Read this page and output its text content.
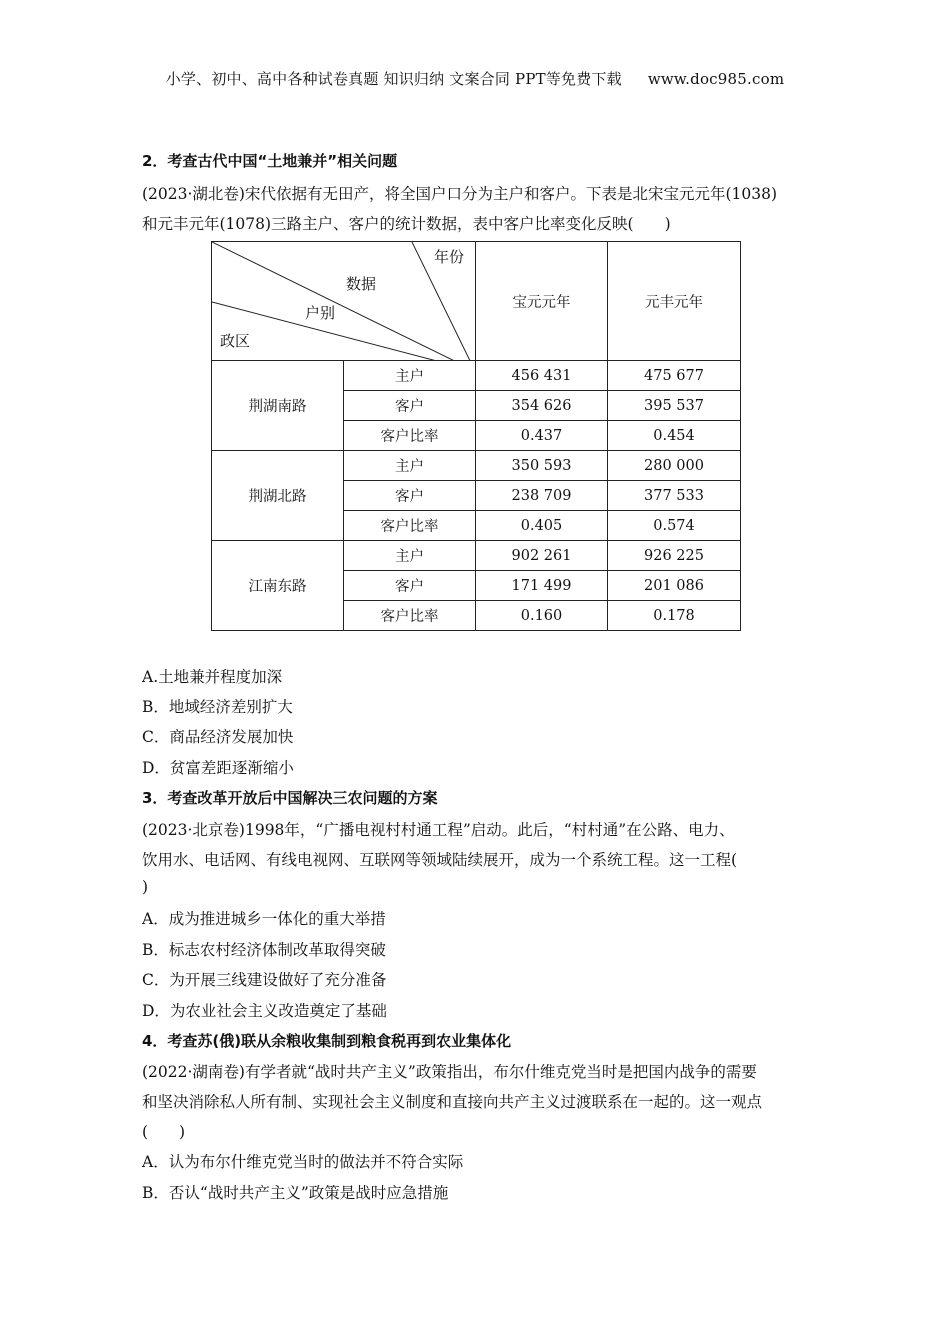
小学、初中、高中各种试卷真题 知识归纳 文案合同 PPT等免费下载 www.doc985.com
2．考查古代中国“土地兼并”相关问题
(2023·湖北卷)宋代依据有无田产，将全国户口分为主户和客户。下表是北宋宝元元年(1038)
和元丰元年(1078)三路主户、客户的统计数据，表中客户比率变化反映(　　)
年份
数据
户别
政区		宝元元年	元丰元年
荆湖南路	主户	456 431	475 677
	客户	354 626	395 537
	客户比率	0.437	0.454
荆湖北路	主户	350 593	280 000
	客户	238 709	377 533
	客户比率	0.405	0.574
江南东路	主户	902 261	926 225
	客户	171 499	201 086
	客户比率	0.160	0.178
A.土地兼并程度加深
B．地域经济差别扩大
C．商品经济发展加快
D．贫富差距逐渐缩小
3．考查改革开放后中国解决三农问题的方案
(2023·北京卷)1998年，“广播电视村村通工程”启动。此后，“村村通”在公路、电力、
饮用水、电话网、有线电视网、互联网等领域陆续展开，成为一个系统工程。这一工程(
)
A．成为推进城乡一体化的重大举措
B．标志农村经济体制改革取得突破
C．为开展三线建设做好了充分准备
D．为农业社会主义改造奠定了基础
4．考查苏(俄)联从余粮收集制到粮食税再到农业集体化
(2022·湖南卷)有学者就“战时共产主义”政策指出，布尔什维克党当时是把国内战争的需要
和坚决消除私人所有制、实现社会主义制度和直接向共产主义过渡联系在一起的。这一观点
(　　)
A．认为布尔什维克党当时的做法并不符合实际
B．否认“战时共产主义”政策是战时应急措施
